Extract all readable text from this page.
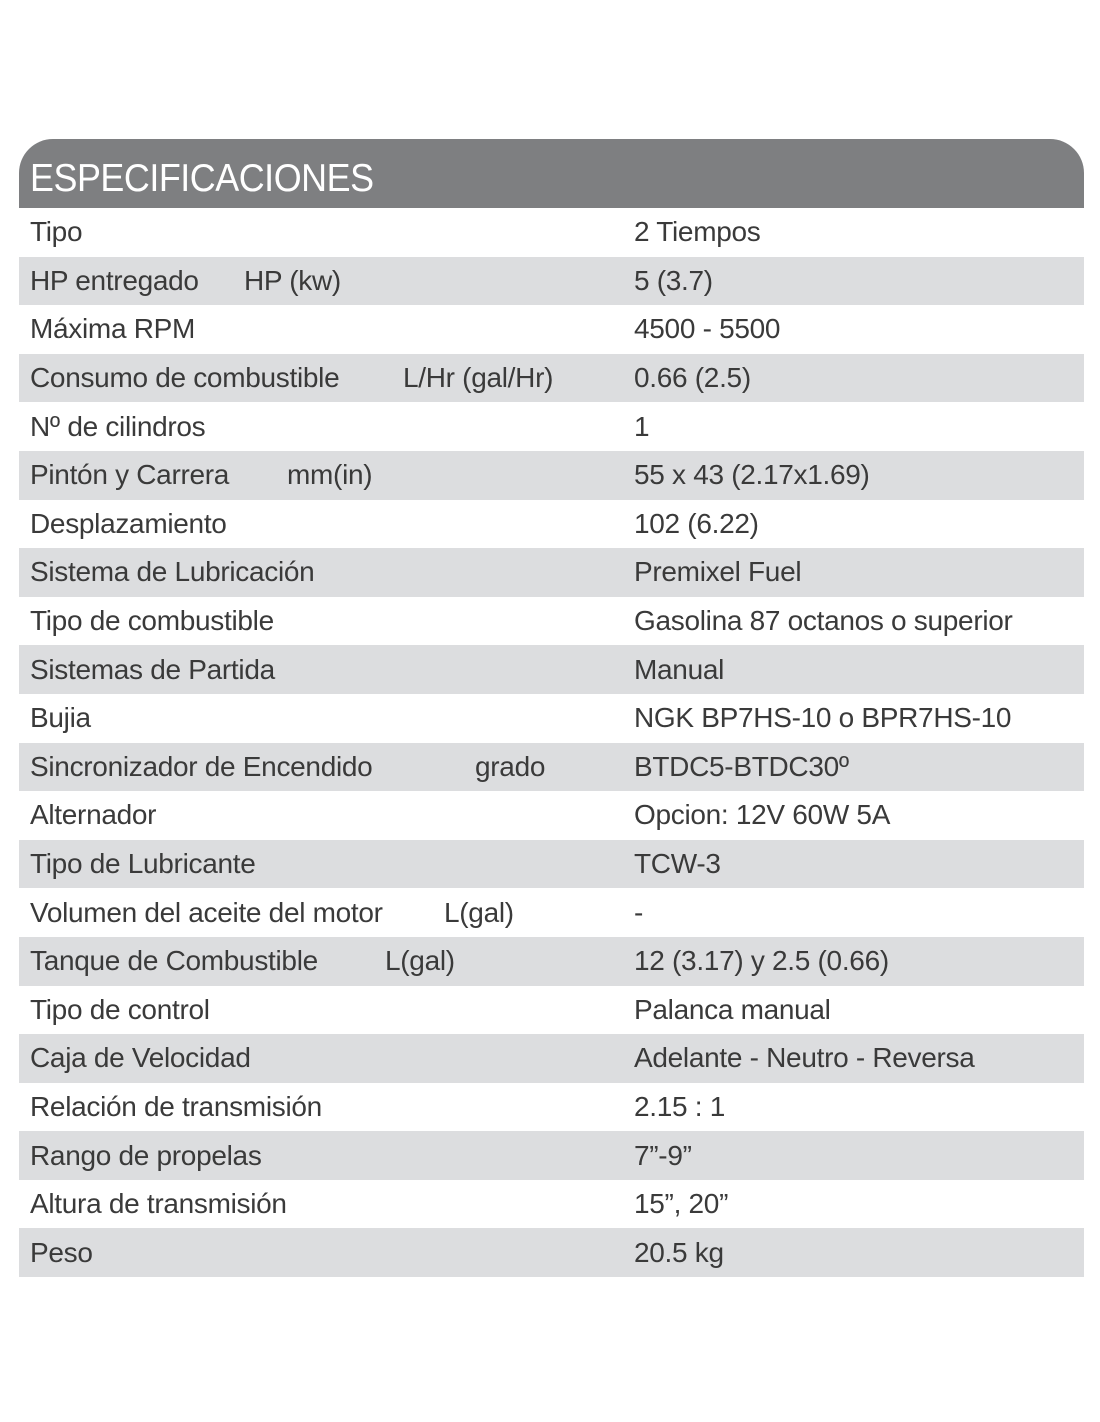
ESPECIFICACIONES
Tipo	2 Tiempos
HP entregado HP (kw)	5 (3.7)
Máxima RPM	4500 - 5500
Consumo de combustible L/Hr (gal/Hr)	0.66 (2.5)
Nº de cilindros	1
Pintón y Carrera mm(in)	55 x 43 (2.17x1.69)
Desplazamiento	102 (6.22)
Sistema de Lubricación	Premixel Fuel
Tipo de combustible	Gasolina 87 octanos o superior
Sistemas de Partida	Manual
Bujia	NGK BP7HS-10 o BPR7HS-10
Sincronizador de Encendido grado	BTDC5-BTDC30º
Alternador	Opcion: 12V 60W 5A
Tipo de Lubricante	TCW-3
Volumen del aceite del motor L(gal)	-
Tanque de Combustible L(gal)	12 (3.17) y 2.5 (0.66)
Tipo de control	Palanca manual
Caja de Velocidad	Adelante - Neutro - Reversa
Relación de transmisión	2.15 : 1
Rango de propelas	7”-9”
Altura de transmisión	15”, 20”
Peso	20.5 kg
